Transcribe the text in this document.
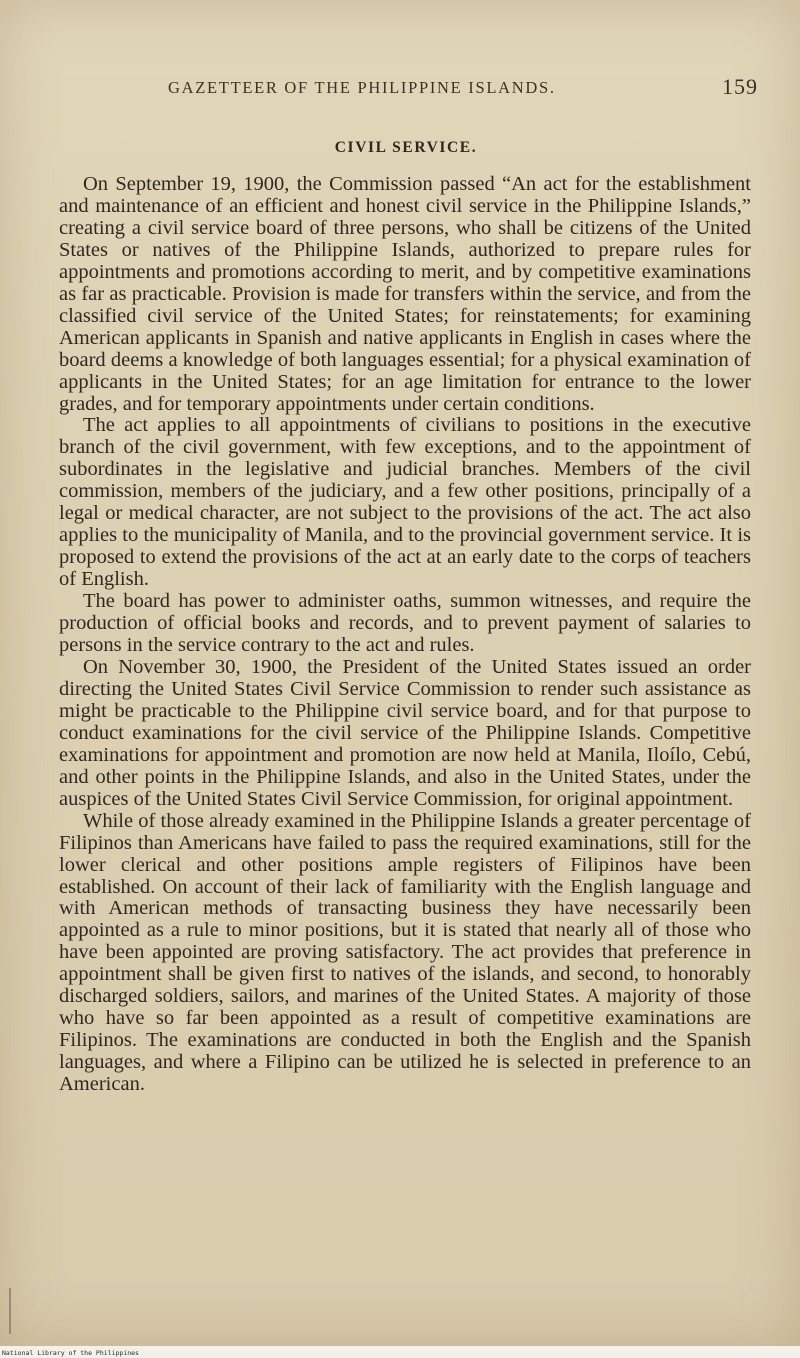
GAZETTEER OF THE PHILIPPINE ISLANDS.	159
CIVIL SERVICE.

On September 19, 1900, the Commission passed “An act for the establishment and maintenance of an efficient and honest civil service in the Philippine Islands,” creating a civil service board of three persons, who shall be citizens of the United States or natives of the Philippine Islands, authorized to prepare rules for appointments and promotions according to merit, and by competitive examinations as far as practicable. Provision is made for transfers within the service, and from the classified civil service of the United States; for reinstatements; for examining American applicants in Spanish and native applicants in English in cases where the board deems a knowledge of both languages essential; for a physical examination of applicants in the United States; for an age limitation for entrance to the lower grades, and for temporary appointments under certain conditions.

The act applies to all appointments of civilians to positions in the executive branch of the civil government, with few exceptions, and to the appointment of subordinates in the legislative and judicial branches. Members of the civil commission, members of the judiciary, and a few other positions, principally of a legal or medical character, are not subject to the provisions of the act. The act also applies to the municipality of Manila, and to the provincial government service. It is proposed to extend the provisions of the act at an early date to the corps of teachers of English.

The board has power to administer oaths, summon witnesses, and require the production of official books and records, and to prevent payment of salaries to persons in the service contrary to the act and rules.

On November 30, 1900, the President of the United States issued an order directing the United States Civil Service Commission to render such assistance as might be practicable to the Philippine civil service board, and for that purpose to conduct examinations for the civil service of the Philippine Islands. Competitive examinations for appointment and promotion are now held at Manila, Iloílo, Cebú, and other points in the Philippine Islands, and also in the United States, under the auspices of the United States Civil Service Commission, for original appointment.

While of those already examined in the Philippine Islands a greater percentage of Filipinos than Americans have failed to pass the required examinations, still for the lower clerical and other positions ample registers of Filipinos have been established. On account of their lack of familiarity with the English language and with American methods of transacting business they have necessarily been appointed as a rule to minor positions, but it is stated that nearly all of those who have been appointed are proving satisfactory. The act provides that preference in appointment shall be given first to natives of the islands, and second, to honorably discharged soldiers, sailors, and marines of the United States. A majority of those who have so far been appointed as a result of competitive examinations are Filipinos. The examinations are conducted in both the English and the Spanish languages, and where a Filipino can be utilized he is selected in preference to an American.

National Library of the Philippines
